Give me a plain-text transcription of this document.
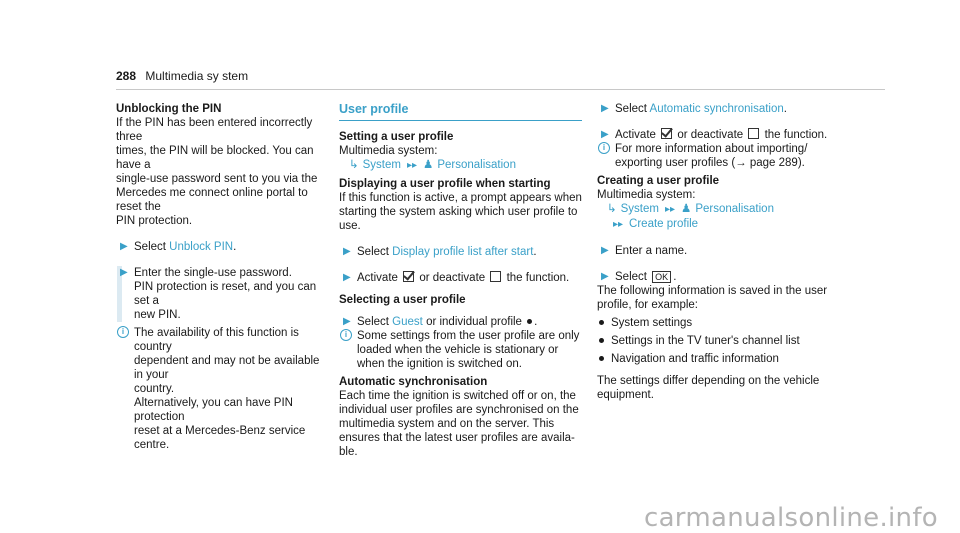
288 Multimedia sy stem
Unblocking the PIN
If the PIN has been entered incorrectly three
times, the PIN will be blocked. You can have a
single-use password sent to you via the
Mercedes me connect online portal to reset the
PIN protection.
▶ Select Unblock PIN.
▶ Enter the single-use password.
PIN protection is reset, and you can set a
new PIN.
i The availability of this function is country
dependent and may not be available in your
country.
Alternatively, you can have PIN protection
reset at a Mercedes-Benz service centre.
User profile
Setting a user profile
Multimedia system:
↳ System ▸▸ ♟ Personalisation
Displaying a user profile when starting
If this function is active, a prompt appears when
starting the system asking which user profile to
use.
▶ Select Display profile list after start.
▶ Activate or deactivate the function.
Selecting a user profile
▶ Select Guest or individual profile .
i Some settings from the user profile are only
loaded when the vehicle is stationary or
when the ignition is switched on.
Automatic synchronisation
Each time the ignition is switched off or on, the
individual user profiles are synchronised on the
multimedia system and on the server. This
ensures that the latest user profiles are availa-
ble.
▶ Select Automatic synchronisation.
▶ Activate or deactivate the function.
i For more information about importing/
exporting user profiles (→ page 289).
Creating a user profile
Multimedia system:
↳ System ▸▸ ♟ Personalisation
▸▸ Create profile
▶ Enter a name.
▶ Select OK .
The following information is saved in the user
profile, for example:
System settings
Settings in the TV tuner's channel list
Navigation and traffic information
The settings differ depending on the vehicle
equipment.
carmanualsonline.info
